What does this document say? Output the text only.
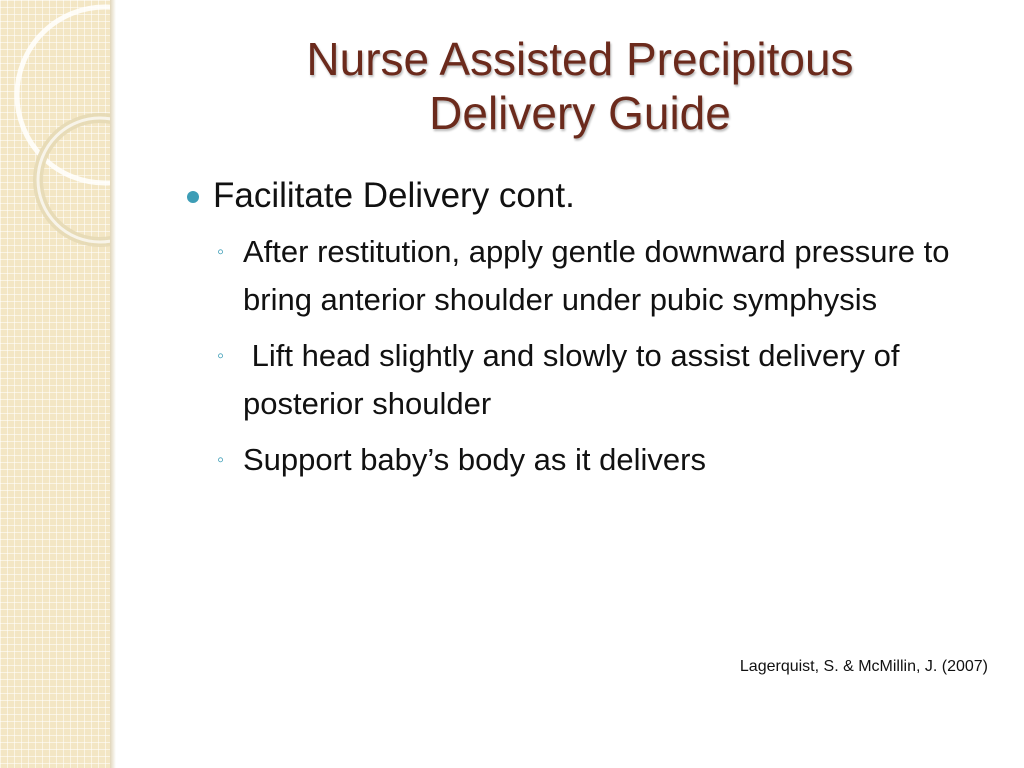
Nurse Assisted Precipitous
Delivery Guide
Facilitate Delivery cont.
◦ After restitution, apply gentle downward pressure to bring anterior shoulder under pubic symphysis
◦ Lift head slightly and slowly to assist delivery of posterior shoulder
◦ Support baby’s body as it delivers
Lagerquist, S. & McMillin, J. (2007)
